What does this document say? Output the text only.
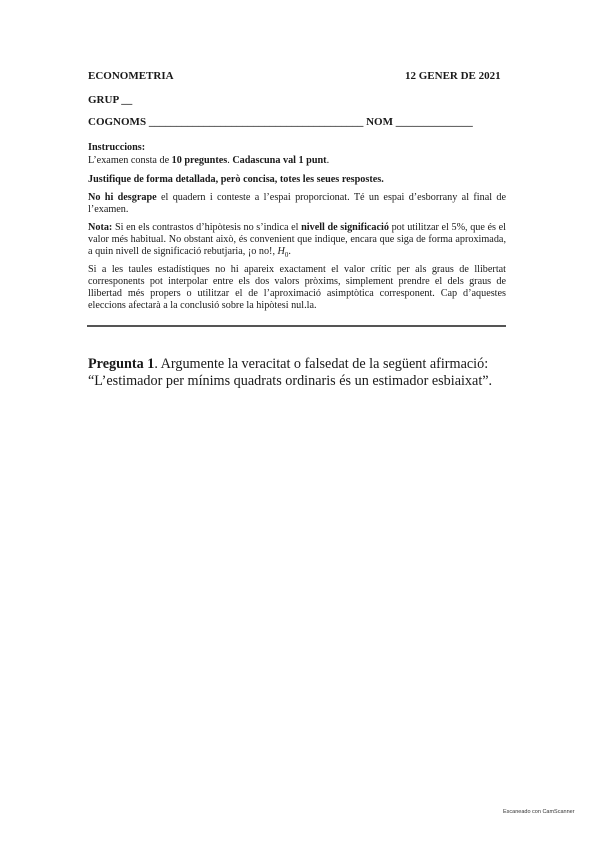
ECONOMETRIA	12 GENER DE 2021
GRUP __
COGNOMS _______________________________________ NOM ______________
Instruccions:
L’examen consta de 10 preguntes. Cadascuna val 1 punt.
Justifique de forma detallada, però concisa, totes les seues respostes.
No hi desgrape el quadern i conteste a l’espai proporcionat. Té un espai d’esborrany al final de l’examen.
Nota: Si en els contrastos d’hipòtesis no s’indica el nivell de significació pot utilitzar el 5%, que és el valor més habitual. No obstant això, és convenient que indique, encara que siga de forma aproximada, a quin nivell de significació rebutjaria, ¡o no!, $H_0$.
Si a les taules estadístiques no hi apareix exactament el valor crític per als graus de llibertat corresponents pot interpolar entre els dos valors pròxims, simplement prendre el dels graus de llibertad més propers o utilitzar el de l’aproximació asimptòtica corresponent. Cap d’aquestes eleccions afectarà a la conclusió sobre la hipòtesi nul.la.
Pregunta 1. Argumente la veracitat o falsedat de la següent afirmació: “L’estimador per mínims quadrats ordinaris és un estimador esbiaixat”.
Escaneado con CamScanner
